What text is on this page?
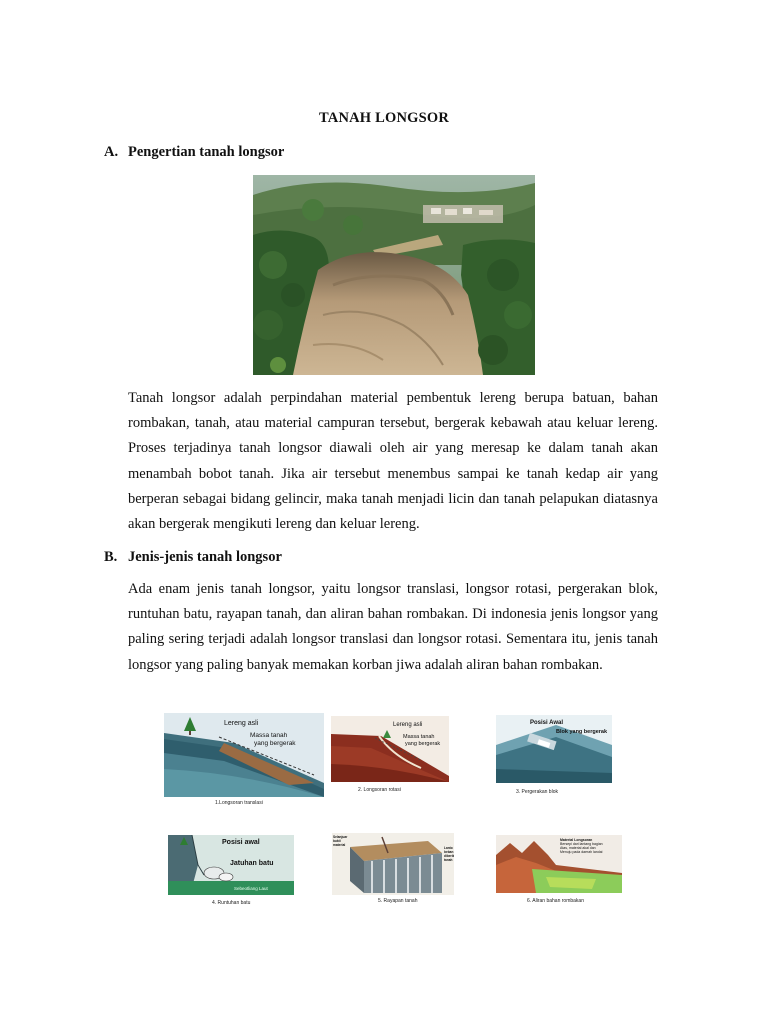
TANAH LONGSOR
A. Pengertian tanah longsor

Tanah longsor adalah perpindahan material pembentuk lereng berupa batuan, bahan rombakan, tanah, atau material campuran tersebut, bergerak kebawah atau keluar lereng. Proses terjadinya tanah longsor diawali oleh air yang meresap ke dalam tanah akan menambah bobot tanah. Jika air tersebut menembus sampai ke tanah kedap air yang berperan sebagai bidang gelincir, maka tanah menjadi licin dan tanah pelapukan diatasnya akan bergerak mengikuti lereng dan keluar lereng.

B. Jenis-jenis tanah longsor

Ada enam jenis tanah longsor, yaitu longsor translasi, longsor rotasi, pergerakan blok, runtuhan batu, rayapan tanah, dan aliran bahan rombakan. Di indonesia jenis longsor yang paling sering terjadi adalah longsor translasi dan longsor rotasi. Sementara itu, jenis tanah longsor yang paling banyak memakan korban jiwa adalah aliran bahan rombakan.

Lereng asli
Massa tanah
yang bergerak
1.Longsoran translasi
Lereng asli
Massa tanah
yang bergerak
2. Longsoran rotasi
Posisi Awal
Blok yang bergerak
3. Pergerakan blok
Posisi awal
Jatuhan batu
Sebeotliang Laut
4. Runtuhan batu
Selanjuar
bukti
material
Lanto
beban
diberik
tanah
5. Rayapan tanah
Material Longsoran
Bersepi dari lantang bagian
Atas, material akal dan
Menuju pada daerah landai
6. Aliran bahan rombakan
